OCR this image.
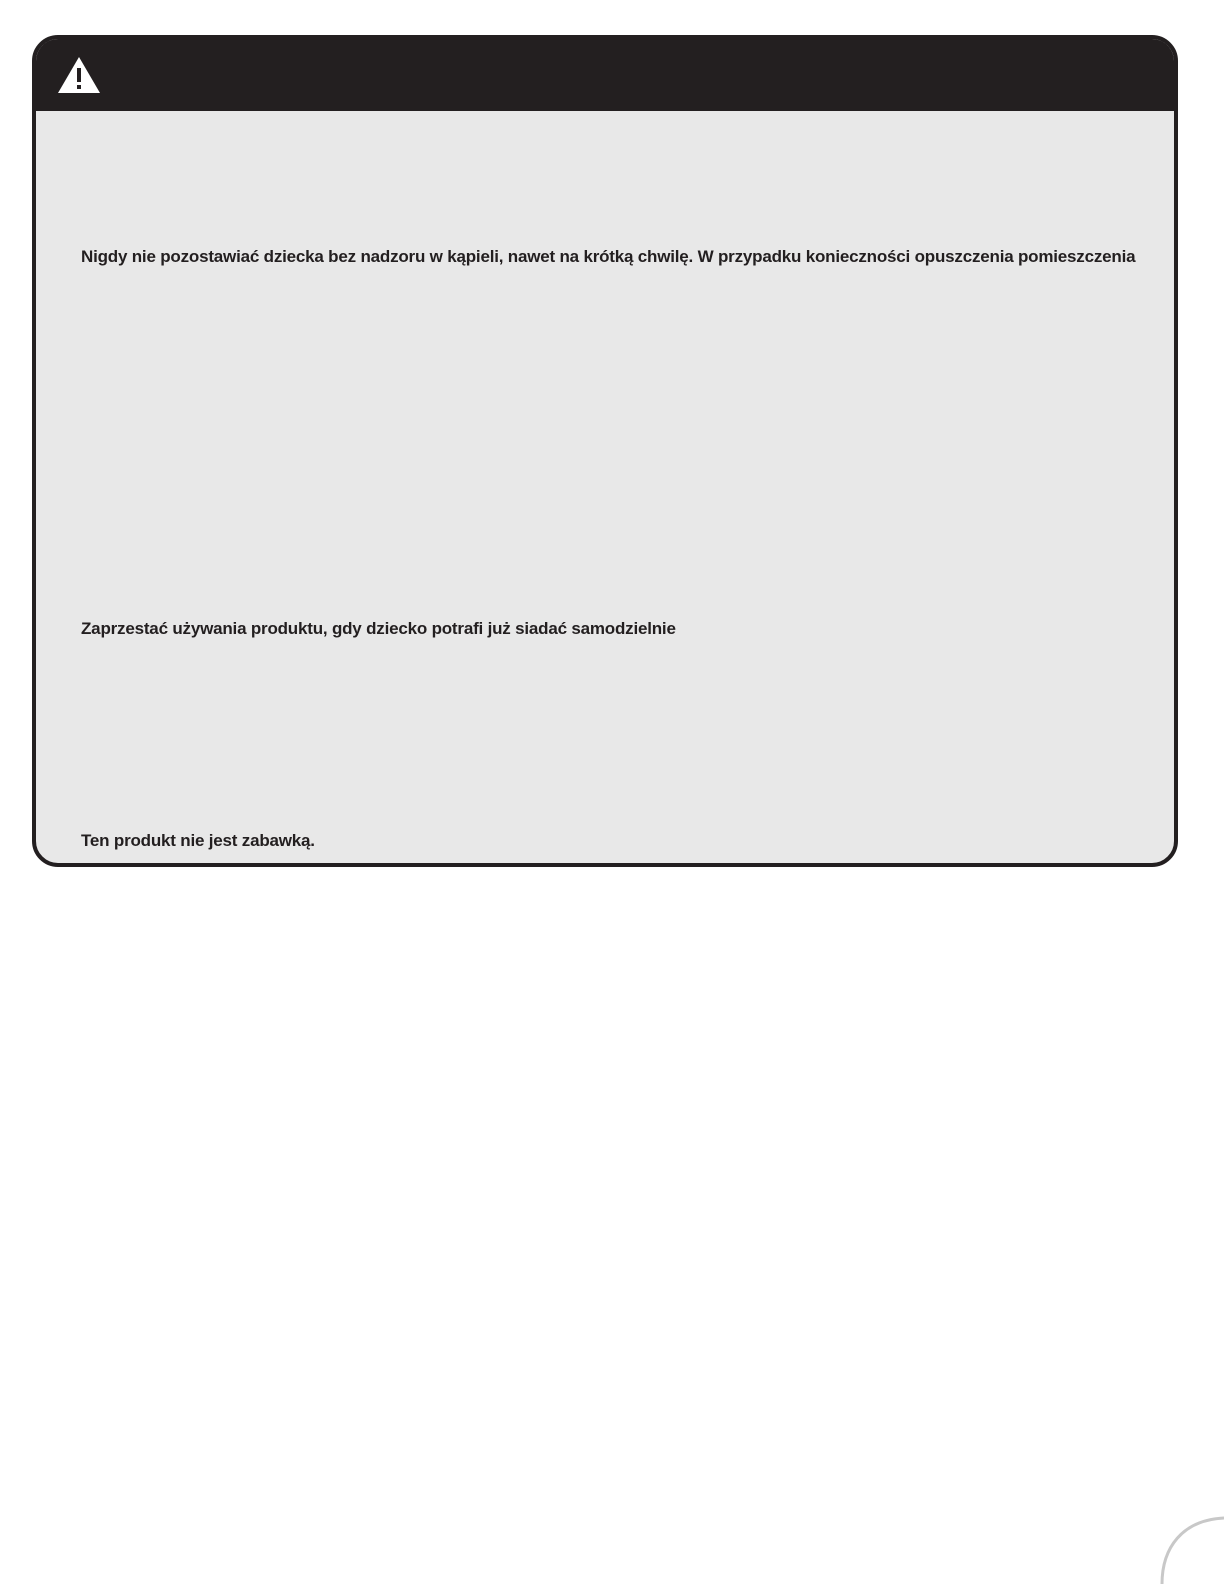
Nigdy nie pozostawiać dziecka bez nadzoru w kąpieli, nawet na krótką chwilę. W przypadku konieczności opuszczenia pomieszczenia

Zaprzestać używania produktu, gdy dziecko potrafi już siadać samodzielnie

Ten produkt nie jest zabawką.
